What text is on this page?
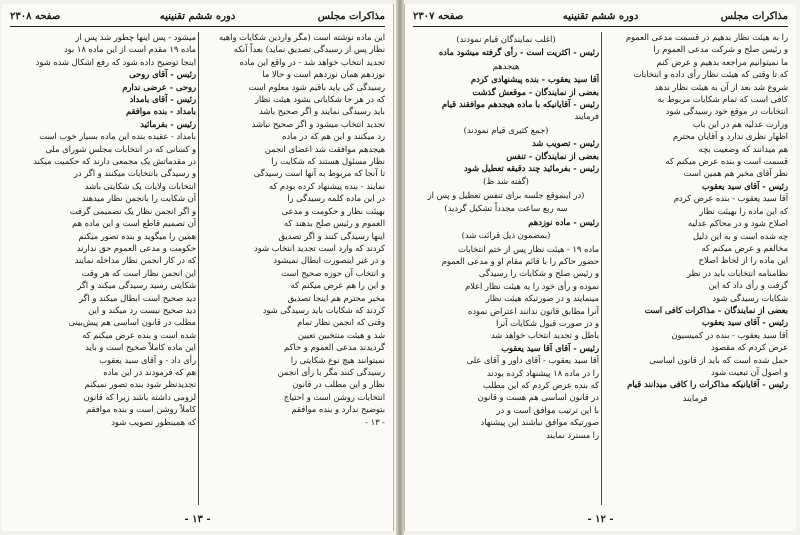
مذاکرات مجلس
دوره ششم تقنینیه
صفحه ٢٣٠٨

این ماده نوشته است (مگر واردین شکایات واهیه

نظار پس از رسیدگی تصدیق نماید) بعداً آنکه

تجدید انتخاب خواهد شد - در واقع این ماده

نوزدهم همان نوزدهم است و حالا ما

رسیدگی کی باید باقیم شود معلوم است

که در هر جا شکایاتی بشود هیئت نظار

باید رسیدگی نمایند و اگر صحیح باشد

تجدید انتخاب میشود و اگر صحیح نباشد

رد میکنند و این هم که در ماده

هیجدهم موافقت شد اعضای انجمن

نظار مسئول هستند که شکایت را

تا آنجا که مربوط به آنها است رسیدگی

نمایند - بنده پیشنهاد کرده بودم که

در این ماده کلمه رسیدگی را

بهیئت نظار و حکومت و مدعی

العموم و رئیس صلح بدهند که

اینها رسیدگی کنند و اگر تصدیق

کردند که وارد است تجدید انتخاب شود

و در غیر اینصورت ابطال نمیشود

و انتخاب آن حوزه صحیح است

و این را هم عرض میکنم که

مخبر محترم هم اینجا تصدیق

کردند که شکایات باید رسیدگی شود

وقتی که انجمن نظار تمام

شد و هیئت منتخبین تعیین

گردیدند مدعی العموم و حاکم

نمیتوانند هیچ نوع شکایتی را

رسیدگی کنند مگر با رأی انجمن

نظار و این مطلب در قانون

انتخابات روشن است و احتیاج

بتوضیح ندارد و بنده موافقم

- ١٣ -

میشود - پس اینها چطور شد پس از

ماده ١٩ مقدم است از این ماده ١٨ بود

اینجا توضیح داده شود که رفع اشکال شده شود

رئیس - آقای روحی

روحی - عرضی ندارم

رئیس - آقای بامداد

بامداد - بنده موافقم

رئیس - بفرمائید

بامداد - عقیده بنده این ماده بسیار خوب است

و کسانی که در انتخابات مجلس شورای ملی

در مقدماتش یک مجمعی دارند که حکمیت میکند

و رسیدگی بانتخابات میکنند و اگر در

انتخابات ولایات یک شکایتی باشد

آن شکایت را بانجمن نظار میدهند

و اگر انجمن نظار یک تصمیمی گرفت

آن تصمیم قاطع است و این ماده هم

همین را میگوید و بنده تصور میکنم

حکومت و مدعی العموم حق ندارند

که در کار انجمن نظار مداخله نمایند

این انجمن نظار است که هر وقت

شکایتی رسید رسیدگی میکند و اگر

دید صحیح است ابطال میکند و اگر

دید صحیح نیست رد میکند و این

مطلب در قانون اساسی هم پیش‌بینی

شده است و بنده عرض میکنم که

این ماده کاملاً صحیح است و باید

رأی داد - و آقای سید یعقوب

هم که فرمودند در این ماده

تجدیدنظر شود بنده تصور نمیکنم

لزومی داشته باشد زیرا که قانون

کاملاً روشن است و بنده موافقم

که همینطور تصویب شود

- ١٣ -
مذاکرات مجلس
دوره ششم تقنینیه
صفحه ٢٣٠٧

را به هیئت نظار بدهیم در قسمت مدعی العموم

و رئیس صلح و شرکت مدعی العموم را

ما نمیتوانیم مراجعه بدهیم و عرض کنم

که تا وقتی که هیئت نظار رأی داده و انتخابات

شروع شد بعد از آن به هیئت نظار ندهد

کافی است که تمام شکایات مربوط به

انتخابات در موقع خود رسیدگی شود

وزارت عدلیه هم در این باب

اظهار نظری ندارد و آقایان محترم

هم میدانند که وضعیت بچه

قسمت است و بنده عرض میکنم که

نظر آقای مخبر هم همین است

رئیس - آقای سید یعقوب

آقا سید یعقوب - بنده عرض کردم

که این ماده را بهیئت نظار

اصلاح شود و در محاکم عدلیه

چه شده است و به این دلیل

مخالفم و عرض میکنم که

این ماده را از لحاظ اصلاح

نظامنامه انتخابات باید در نظر

گرفت و رأی داد که این

شکایات رسیدگی شود

بعضی از نمایندگان - مذاکرات کافی است

رئیس - آقای سید یعقوب

آقا سید یعقوب - بنده در کمیسیون

عرض کردم که مقصود

حمل شده است که باید از قانون اساسی

و اصول آن تبعیت شود

رئیس - آقایانیکه مذاکرات را کافی میدانند قیام

فرمایند

(اغلب نمایندگان قیام نمودند)

رئیس - اکثریت است - رأی گرفته میشود ماده

هیجدهم

آقا سید یعقوب - بنده پیشنهادی کردم

بعضی از نمایندگان - موقعش گذشت

رئیس - آقایانیکه با ماده هیجدهم موافقند قیام

فرمایند

(جمع کثیری قیام نمودند)

رئیس - تصویب شد

بعضی از نمایندگان - تنفس

رئیس - بفرمائید چند دقیقه تعطیل شود

(گفته شد ظ)

(در اینموقع جلسه برای تنفس تعطیل و پس از

سه ربع ساعت مجدداً تشکیل گردید)

رئیس - ماده نوزدهم

(بمضمون ذیل قرائت شد)

ماده ١٩ - هیئت نظار پس از ختم انتخابات

حضور حاکم را با قائم مقام او و مدعی العموم

و رئیس صلح و شکایات را رسیدگی

نموده و رأی خود را به هیئت نظار اعلام

مینمایند و در صورتیکه هیئت نظار

آنرا مطابق قانون ندانند اعتراض نموده

و در صورت قبول شکایات آنرا

باطل و تجدید انتخاب خواهد شد

رئیس - آقای آقا سید یعقوب

آقا سید یعقوب - آقای داور و آقای علی

را در ماده ١٨ پیشنهاد کرده بودند

که بنده عرض کردم که این مطلب

در قانون اساسی هم هست و قانون

با این ترتیب موافق است و در

صورتیکه موافق نباشند این پیشنهاد

را مسترد نمایند

- ١٢ -
